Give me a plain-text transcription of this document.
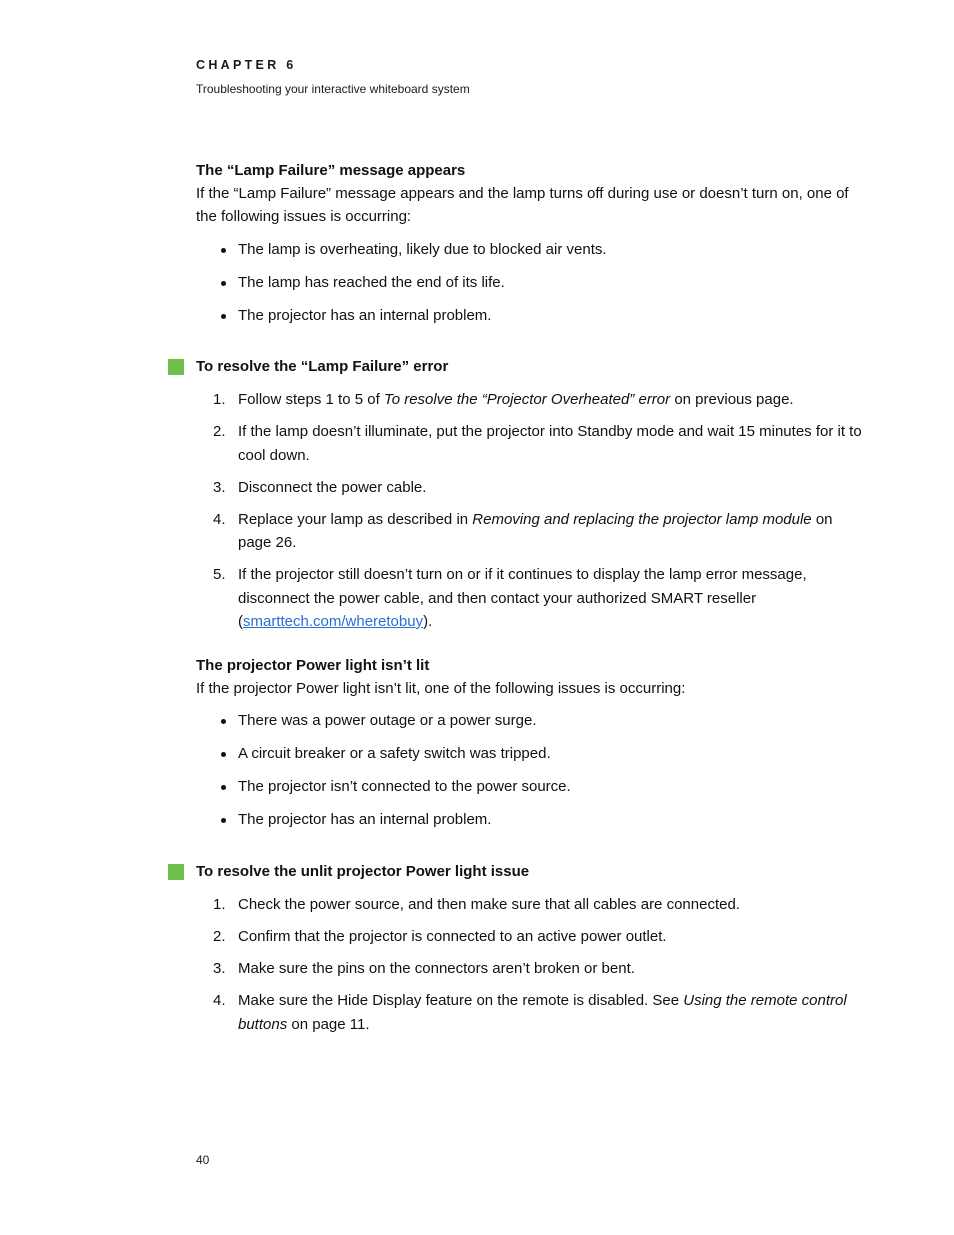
CHAPTER 6
Troubleshooting your interactive whiteboard system
The “Lamp Failure” message appears
If the “Lamp Failure” message appears and the lamp turns off during use or doesn’t turn on, one of the following issues is occurring:
The lamp is overheating, likely due to blocked air vents.
The lamp has reached the end of its life.
The projector has an internal problem.
To resolve the “Lamp Failure” error
1. Follow steps 1 to 5 of To resolve the “Projector Overheated” error on previous page.
2. If the lamp doesn’t illuminate, put the projector into Standby mode and wait 15 minutes for it to cool down.
3. Disconnect the power cable.
4. Replace your lamp as described in Removing and replacing the projector lamp module on page 26.
5. If the projector still doesn’t turn on or if it continues to display the lamp error message, disconnect the power cable, and then contact your authorized SMART reseller (smarttech.com/wheretobuy).
The projector Power light isn’t lit
If the projector Power light isn’t lit, one of the following issues is occurring:
There was a power outage or a power surge.
A circuit breaker or a safety switch was tripped.
The projector isn’t connected to the power source.
The projector has an internal problem.
To resolve the unlit projector Power light issue
1. Check the power source, and then make sure that all cables are connected.
2. Confirm that the projector is connected to an active power outlet.
3. Make sure the pins on the connectors aren’t broken or bent.
4. Make sure the Hide Display feature on the remote is disabled. See Using the remote control buttons on page 11.
40
